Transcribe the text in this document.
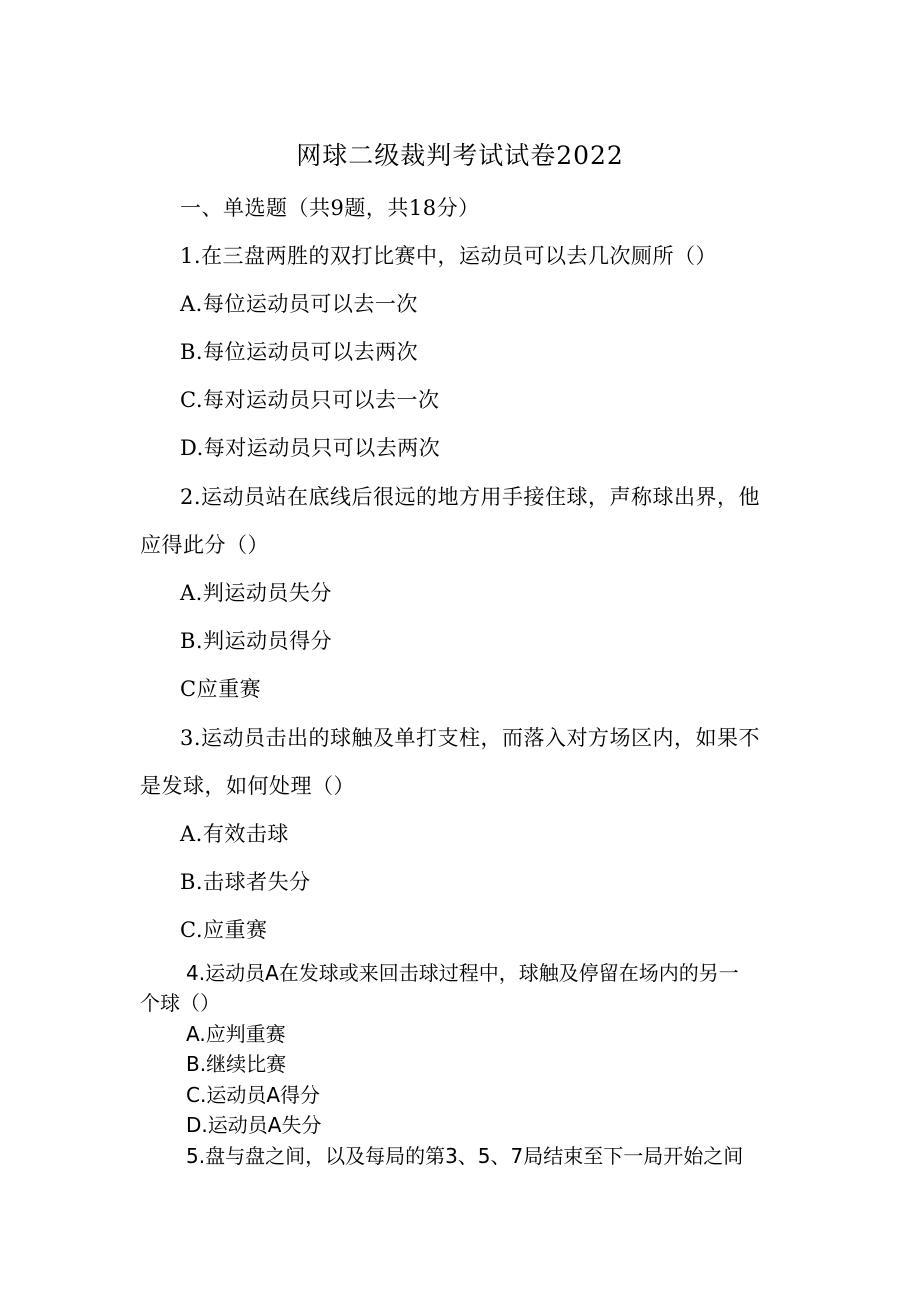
网球二级裁判考试试卷2022
一、单选题（共9题，共18分）
1.在三盘两胜的双打比赛中，运动员可以去几次厕所（）
A.每位运动员可以去一次
B.每位运动员可以去两次
C.每对运动员只可以去一次
D.每对运动员只可以去两次
2.运动员站在底线后很远的地方用手接住球，声称球出界，他
应得此分（）
A.判运动员失分
B.判运动员得分
C应重赛
3.运动员击出的球触及单打支柱，而落入对方场区内，如果不
是发球，如何处理（）
A.有效击球
B.击球者失分
C.应重赛
4.运动员A在发球或来回击球过程中，球触及停留在场内的另一
个球（）
A.应判重赛
B.继续比赛
C.运动员A得分
D.运动员A失分
5.盘与盘之间，以及每局的第3、5、7局结束至下一局开始之间
